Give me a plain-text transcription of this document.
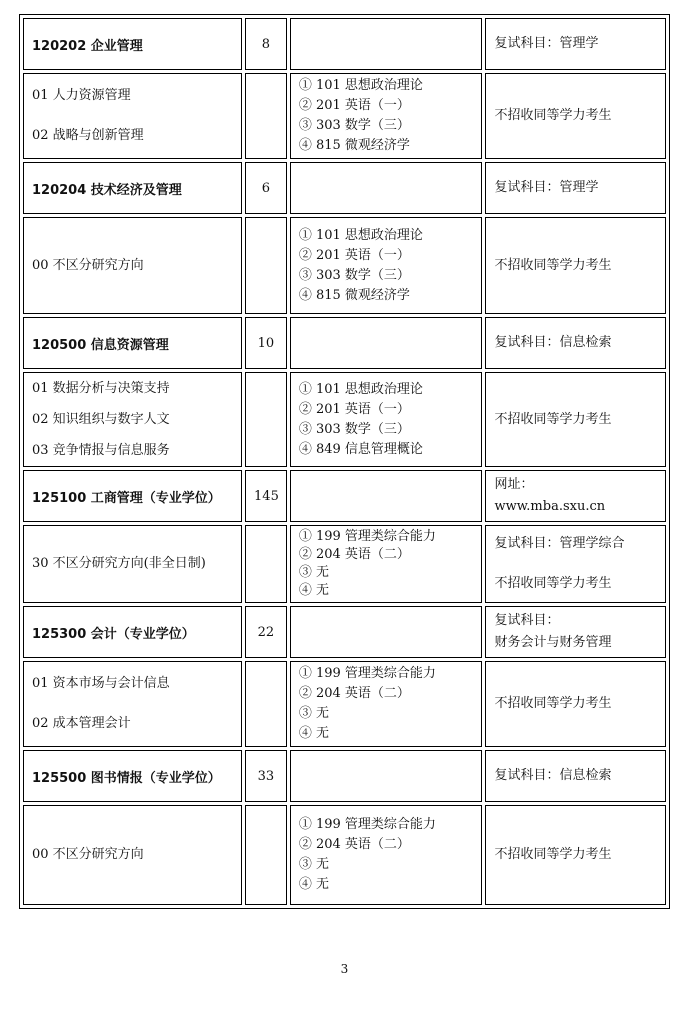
120202 企业管理	8		复试科目：管理学

01 人力资源管理
02 战略与创新管理		① 101 思想政治理论
② 201 英语（一）
③ 303 数学（三）
④ 815 微观经济学	不招收同等学力考生

120204 技术经济及管理	6		复试科目：管理学

00 不区分研究方向		① 101 思想政治理论
② 201 英语（一）
③ 303 数学（三）
④ 815 微观经济学	不招收同等学力考生

120500 信息资源管理	10		复试科目：信息检索

01 数据分析与决策支持
02 知识组织与数字人文
03 竞争情报与信息服务		① 101 思想政治理论
② 201 英语（一）
③ 303 数学（三）
④ 849 信息管理概论	不招收同等学力考生

125100 工商管理（专业学位）	145		网址：
www.mba.sxu.cn

30 不区分研究方向(非全日制)		① 199 管理类综合能力
② 204 英语（二）
③ 无
④ 无	复试科目：管理学综合
不招收同等学力考生

125300 会计（专业学位）	22		复试科目：
财务会计与财务管理

01 资本市场与会计信息
02 成本管理会计		① 199 管理类综合能力
② 204 英语（二）
③ 无
④ 无	不招收同等学力考生

125500 图书情报（专业学位）	33		复试科目：信息检索

00 不区分研究方向		① 199 管理类综合能力
② 204 英语（二）
③ 无
④ 无	不招收同等学力考生
3
